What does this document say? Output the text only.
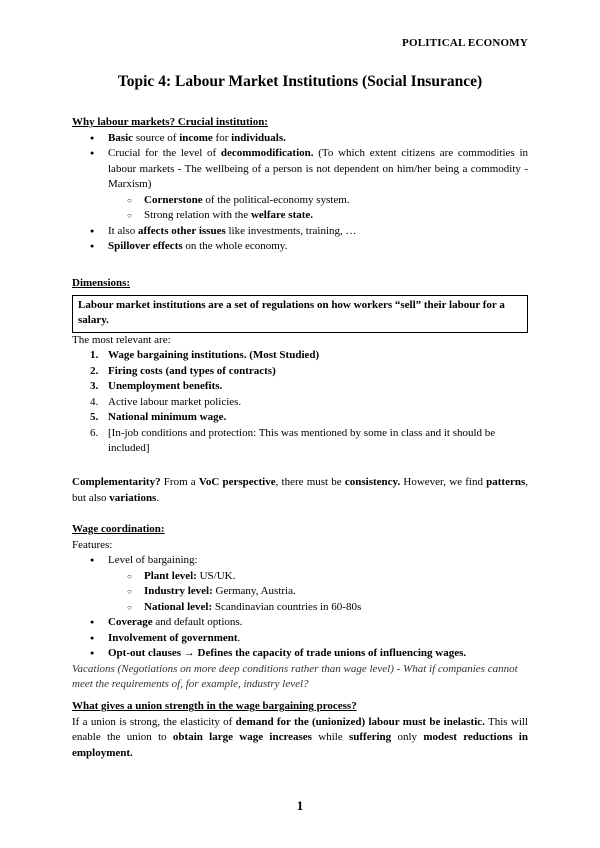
POLITICAL ECONOMY
Topic 4: Labour Market Institutions (Social Insurance)
Why labour markets? Crucial institution:
● Basic source of income for individuals.
● Crucial for the level of decommodification. (To which extent citizens are commodities in labour markets - The wellbeing of a person is not dependent on him/her being a commodity - Marxism)
○ Cornerstone of the political-economy system.
○ Strong relation with the welfare state.
● It also affects other issues like investments, training, …
● Spillover effects on the whole economy.
Dimensions:
Labour market institutions are a set of regulations on how workers “sell” their labour for a salary.
The most relevant are:
1. Wage bargaining institutions. (Most Studied)
2. Firing costs (and types of contracts)
3. Unemployment benefits.
4. Active labour market policies.
5. National minimum wage.
6. [In-job conditions and protection: This was mentioned by some in class and it should be included]
Complementarity? From a VoC perspective, there must be consistency. However, we find patterns, but also variations.
Wage coordination:
Features:
● Level of bargaining:
○ Plant level: US/UK.
○ Industry level: Germany, Austria.
○ National level: Scandinavian countries in 60-80s
● Coverage and default options.
● Involvement of government.
● Opt-out clauses → Defines the capacity of trade unions of influencing wages.
Vacations (Negotiations on more deep conditions rather than wage level) - What if companies cannot meet the requirements of, for example, industry level?
What gives a union strength in the wage bargaining process?
If a union is strong, the elasticity of demand for the (unionized) labour must be inelastic. This will enable the union to obtain large wage increases while suffering only modest reductions in employment.
1
